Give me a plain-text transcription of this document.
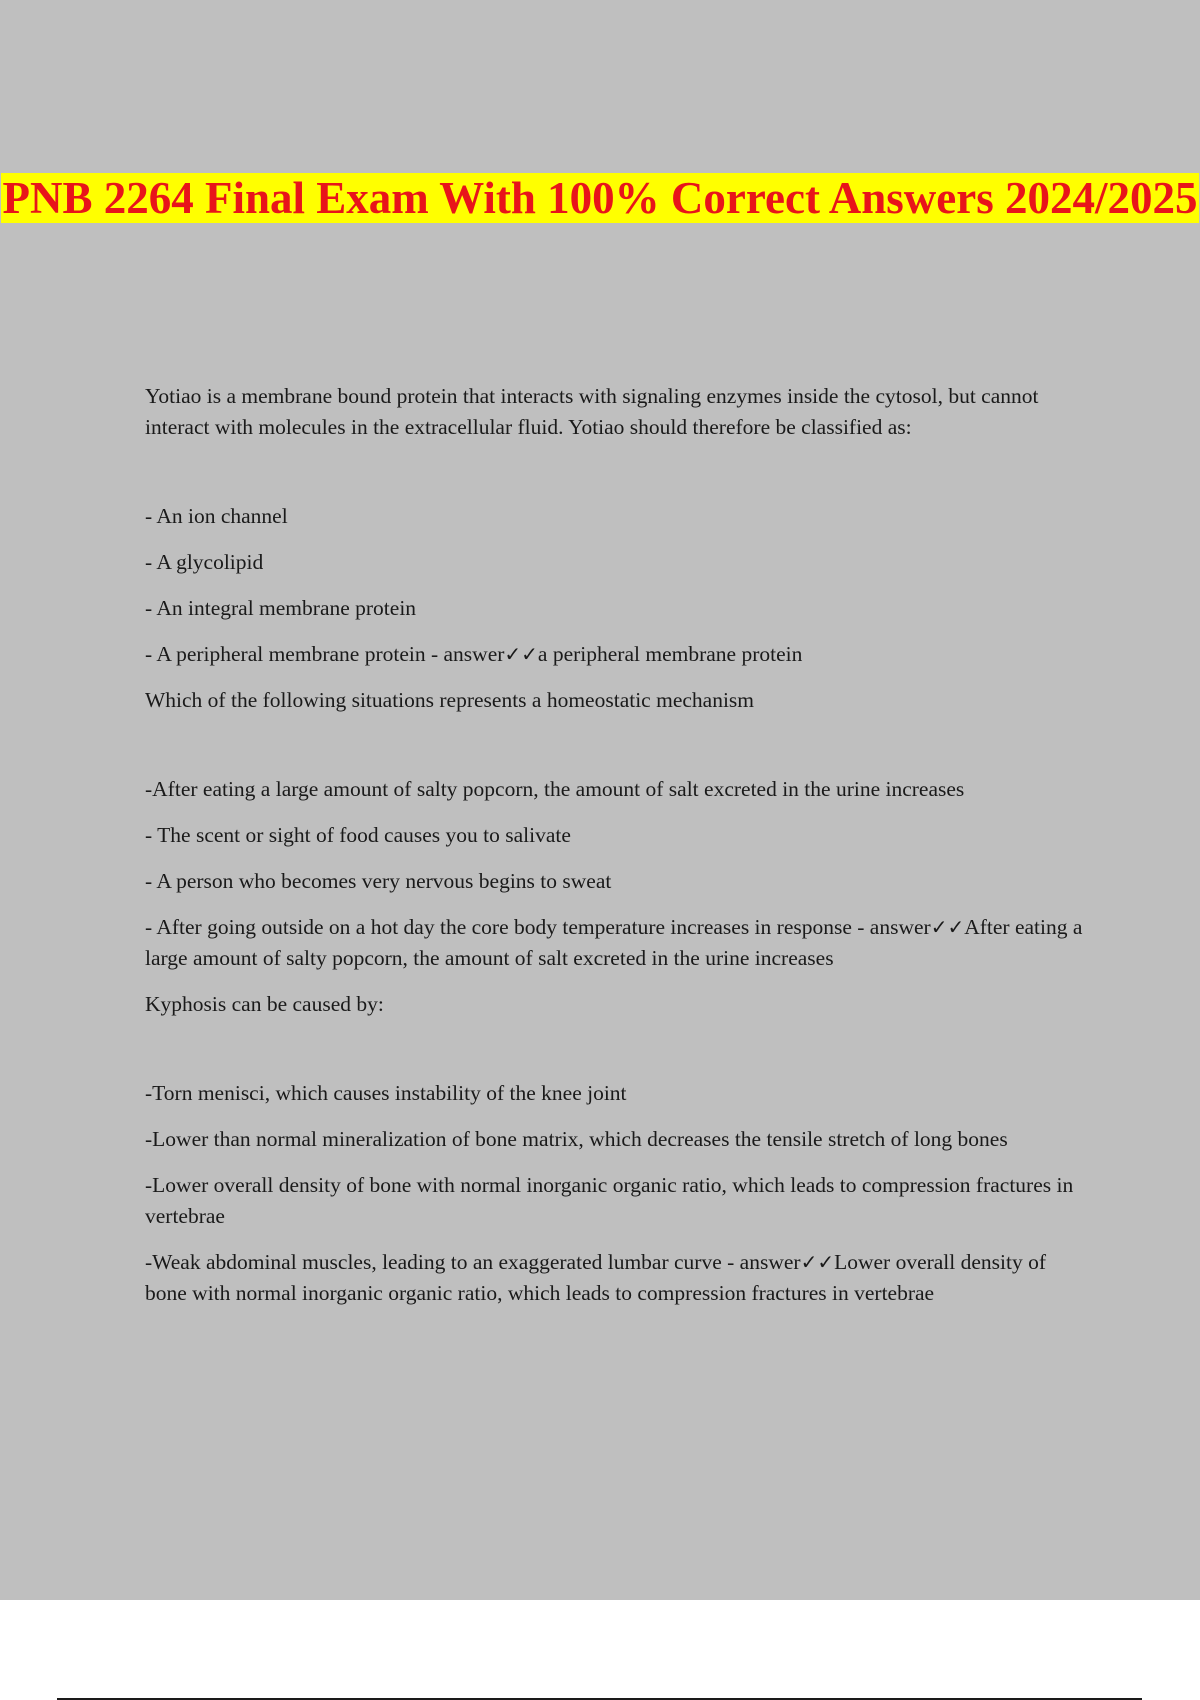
PNB 2264 Final Exam With 100% Correct Answers 2024/2025

Yotiao is a membrane bound protein that interacts with signaling enzymes inside the cytosol, but cannot interact with molecules in the extracellular fluid. Yotiao should therefore be classified as:

- An ion channel

- A glycolipid

- An integral membrane protein

- A peripheral membrane protein - answer✓✓a peripheral membrane protein

Which of the following situations represents a homeostatic mechanism

-After eating a large amount of salty popcorn, the amount of salt excreted in the urine increases

- The scent or sight of food causes you to salivate

- A person who becomes very nervous begins to sweat

- After going outside on a hot day the core body temperature increases in response - answer✓✓After eating a large amount of salty popcorn, the amount of salt excreted in the urine increases

Kyphosis can be caused by:

-Torn menisci, which causes instability of the knee joint

-Lower than normal mineralization of bone matrix, which decreases the tensile stretch of long bones

-Lower overall density of bone with normal inorganic organic ratio, which leads to compression fractures in vertebrae

-Weak abdominal muscles, leading to an exaggerated lumbar curve - answer✓✓Lower overall density of bone with normal inorganic organic ratio, which leads to compression fractures in vertebrae
